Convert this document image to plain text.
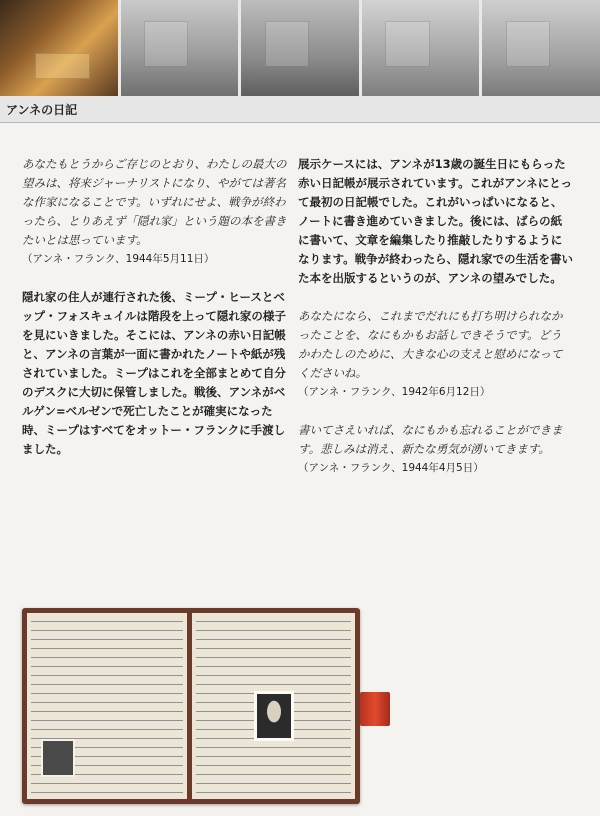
アンネの日記

あなたもとうからご存じのとおり、わたしの最大の望みは、将来ジャーナリストになり、やがては著名な作家になることです。いずれにせよ、戦争が終わったら、とりあえず「隠れ家」という題の本を書きたいとは思っています。
（アンネ・フランク、1944年5月11日）

隠れ家の住人が連行された後、ミープ・ヒースとベップ・フォスキュイルは階段を上って隠れ家の様子を見にいきました。そこには、アンネの赤い日記帳と、アンネの言葉が一面に書かれたノートや紙が残されていました。ミープはこれを全部まとめて自分のデスクに大切に保管しました。戦後、アンネがベルゲン=ベルゼンで死亡したことが確実になった時、ミープはすべてをオットー・フランクに手渡しました。

展示ケースには、アンネが13歳の誕生日にもらった赤い日記帳が展示されています。これがアンネにとって最初の日記帳でした。これがいっぱいになると、ノートに書き進めていきました。後には、ばらの紙に書いて、文章を編集したり推敲したりするようになります。戦争が終わったら、隠れ家での生活を書いた本を出版するというのが、アンネの望みでした。

あなたになら、これまでだれにも打ち明けられなかったことを、なにもかもお話しできそうです。どうかわたしのために、大きな心の支えと慰めになってくださいね。
（アンネ・フランク、1942年6月12日）

書いてさえいれば、なにもかも忘れることができます。悲しみは消え、新たな勇気が湧いてきます。
（アンネ・フランク、1944年4月5日）
